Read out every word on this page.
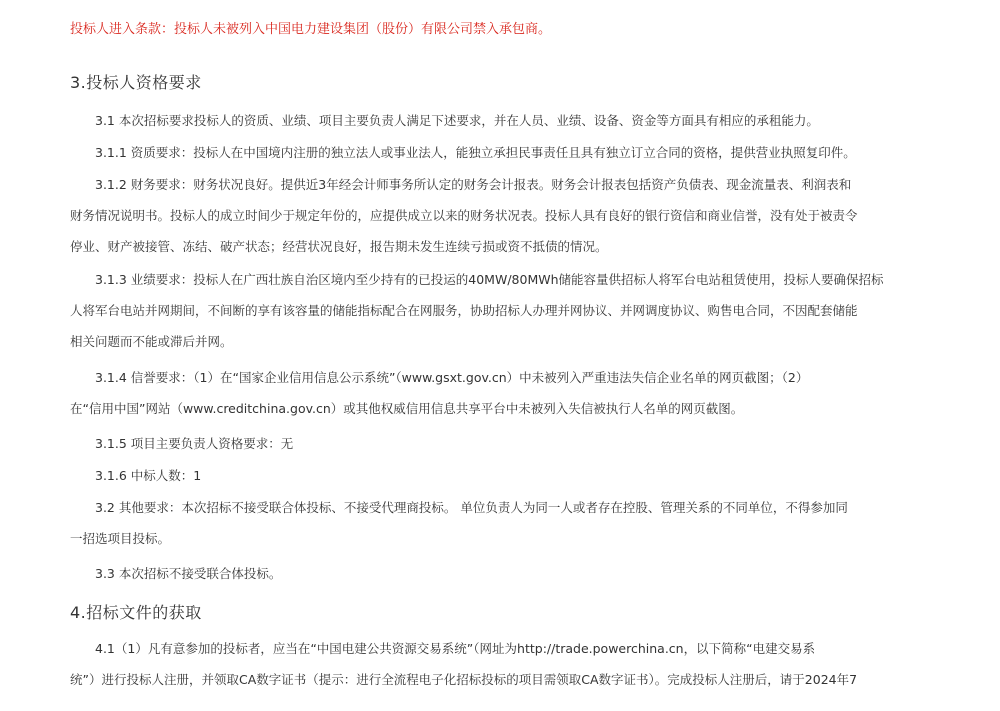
投标人进入条款：投标人未被列入中国电力建设集团（股份）有限公司禁入承包商。
3.投标人资格要求
3.1 本次招标要求投标人的资质、业绩、项目主要负责人满足下述要求，并在人员、业绩、设备、资金等方面具有相应的承租能力。
3.1.1 资质要求：投标人在中国境内注册的独立法人或事业法人，能独立承担民事责任且具有独立订立合同的资格，提供营业执照复印件。
3.1.2 财务要求：财务状况良好。提供近3年经会计师事务所认定的财务会计报表。财务会计报表包括资产负债表、现金流量表、利润表和
财务情况说明书。投标人的成立时间少于规定年份的，应提供成立以来的财务状况表。投标人具有良好的银行资信和商业信誉，没有处于被责令
停业、财产被接管、冻结、破产状态；经营状况良好，报告期未发生连续亏损或资不抵债的情况。
3.1.3 业绩要求：投标人在广西壮族自治区境内至少持有的已投运的40MW/80MWh储能容量供招标人将军台电站租赁使用，投标人要确保招标
人将军台电站并网期间，不间断的享有该容量的储能指标配合在网服务，协助招标人办理并网协议、并网调度协议、购售电合同，不因配套储能
相关问题而不能或滞后并网。
3.1.4 信誉要求：（1）在“国家企业信用信息公示系统”（www.gsxt.gov.cn）中未被列入严重违法失信企业名单的网页截图；（2）
在“信用中国”网站（www.creditchina.gov.cn）或其他权威信用信息共享平台中未被列入失信被执行人名单的网页截图。
3.1.5 项目主要负责人资格要求：无
3.1.6 中标人数：1
3.2 其他要求：本次招标不接受联合体投标、不接受代理商投标。 单位负责人为同一人或者存在控股、管理关系的不同单位，不得参加同
一招选项目投标。
3.3 本次招标不接受联合体投标。
4.招标文件的获取
4.1（1）凡有意参加的投标者，应当在“中国电建公共资源交易系统”（网址为http://trade.powerchina.cn，以下简称“电建交易系
统”）进行投标人注册，并领取CA数字证书（提示：进行全流程电子化招标投标的项目需领取CA数字证书）。完成投标人注册后，请于2024年7
